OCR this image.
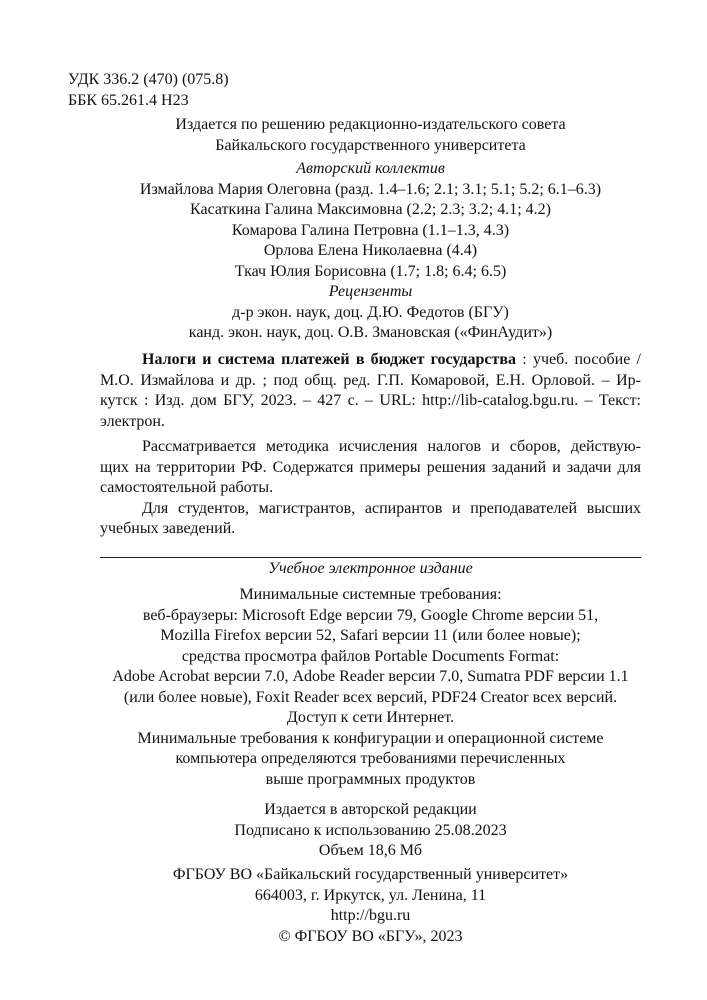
УДК 336.2 (470) (075.8)
ББК 65.261.4 Н23
Издается по решению редакционно-издательского совета
Байкальского государственного университета
Авторский коллектив
Измайлова Мария Олеговна (разд. 1.4–1.6; 2.1; 3.1; 5.1; 5.2; 6.1–6.3)
Касаткина Галина Максимовна (2.2; 2.3; 3.2; 4.1; 4.2)
Комарова Галина Петровна (1.1–1.3, 4.3)
Орлова Елена Николаевна (4.4)
Ткач Юлия Борисовна (1.7; 1.8; 6.4; 6.5)
Рецензенты
д-р экон. наук, доц. Д.Ю. Федотов (БГУ)
канд. экон. наук, доц. О.В. Змановская («ФинАудит»)
Налоги и система платежей в бюджет государства : учеб. пособие /
М.О. Измайлова и др. ; под общ. ред. Г.П. Комаровой, Е.Н. Орловой. – Ир-
кутск : Изд. дом БГУ, 2023. – 427 с. – URL: http://lib-catalog.bgu.ru. – Текст:
электрон.
Рассматривается методика исчисления налогов и сборов, действую-
щих на территории РФ. Содержатся примеры решения заданий и задачи для
самостоятельной работы.
Для студентов, магистрантов, аспирантов и преподавателей высших
учебных заведений.
Учебное электронное издание
Минимальные системные требования:
веб-браузеры: Microsoft Edge версии 79, Google Chrome версии 51,
Mozilla Firefox версии 52, Safari версии 11 (или более новые);
средства просмотра файлов Portable Documents Format:
Adobe Acrobat версии 7.0, Adobe Reader версии 7.0, Sumatra PDF версии 1.1
(или более новые), Foxit Reader всех версий, PDF24 Creator всех версий.
Доступ к сети Интернет.
Минимальные требования к конфигурации и операционной системе
компьютера определяются требованиями перечисленных
выше программных продуктов
Издается в авторской редакции
Подписано к использованию 25.08.2023
Объем 18,6 Мб
ФГБОУ ВО «Байкальский государственный университет»
664003, г. Иркутск, ул. Ленина, 11
http://bgu.ru
© ФГБОУ ВО «БГУ», 2023
